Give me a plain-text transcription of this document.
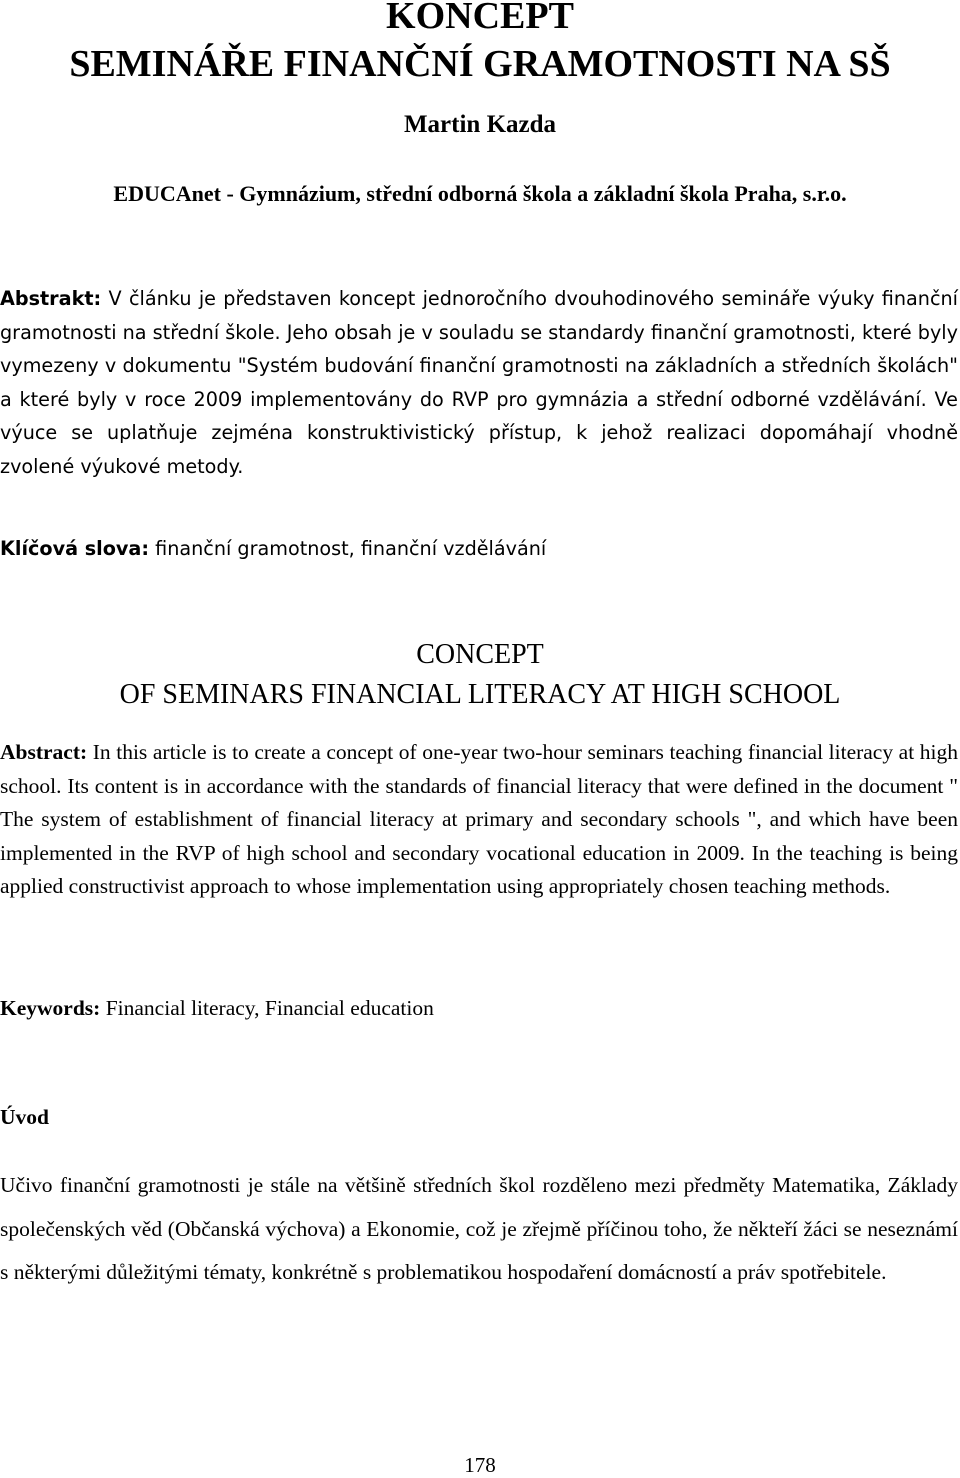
KONCEPT
SEMINÁŘE FINANČNÍ GRAMOTNOSTI NA SŠ
Martin Kazda
EDUCAnet - Gymnázium, střední odborná škola a základní škola Praha, s.r.o.

Abstrakt: V článku je představen koncept jednoročního dvouhodinového semináře výuky finanční gramotnosti na střední škole. Jeho obsah je v souladu se standardy finanční gramotnosti, které byly vymezeny v dokumentu "Systém budování finanční gramotnosti na základních a středních školách" a které byly v roce 2009 implementovány do RVP pro gymnázia a střední odborné vzdělávání. Ve výuce se uplatňuje zejména konstruktivistický přístup, k jehož realizaci dopomáhají vhodně zvolené výukové metody.

Klíčová slova: finanční gramotnost, finanční vzdělávání

CONCEPT
OF SEMINARS FINANCIAL LITERACY AT HIGH SCHOOL

Abstract: In this article is to create a concept of one-year two-hour seminars teaching financial literacy at high school. Its content is in accordance with the standards of financial literacy that were defined in the document " The system of establishment of financial literacy at primary and secondary schools ", and which have been implemented in the RVP of high school and secondary vocational education in 2009. In the teaching is being applied constructivist approach to whose implementation using appropriately chosen teaching methods.

Keywords: Financial literacy, Financial education

Úvod

Učivo finanční gramotnosti je stále na většině středních škol rozděleno mezi předměty Matematika, Základy společenských věd (Občanská výchova) a Ekonomie, což je zřejmě příčinou toho, že někteří žáci se neseznámí s některými důležitými tématy, konkrétně s problematikou hospodaření domácností a práv spotřebitele.

178
